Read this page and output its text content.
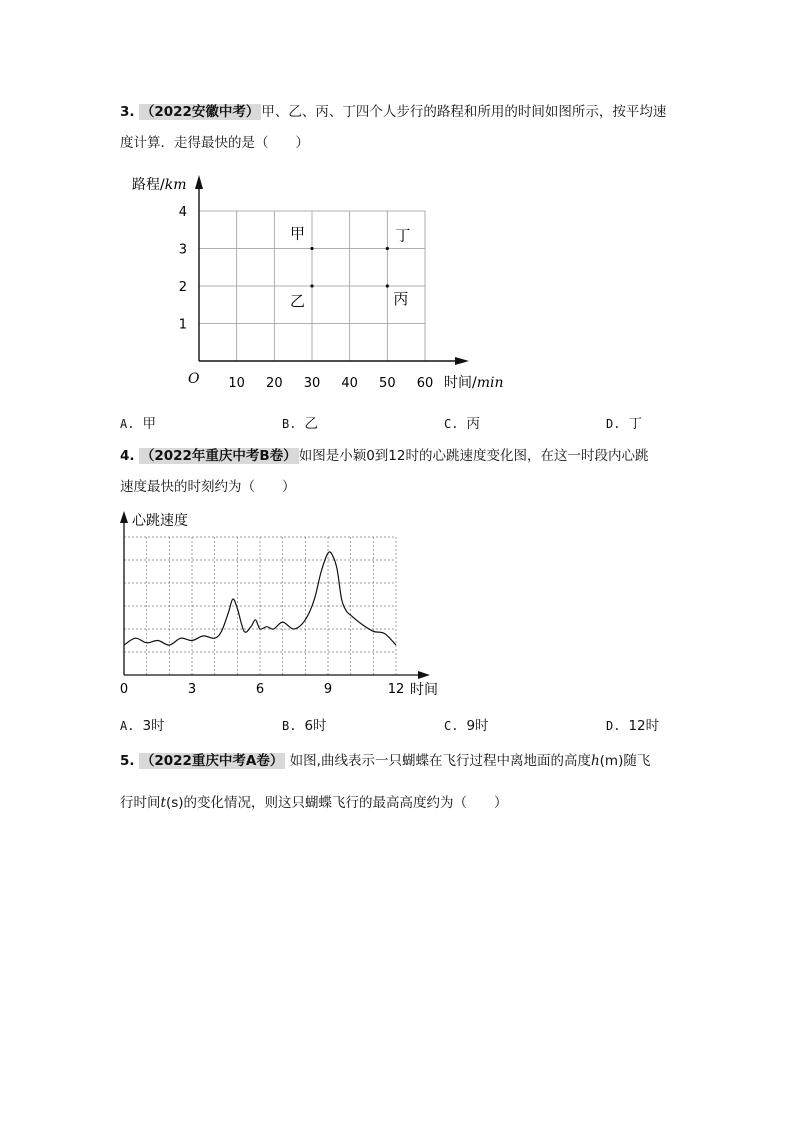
3. （2022安徽中考） 甲、乙、丙、丁四个人步行的路程和所用的时间如图所示，按平均速
度计算．走得最快的是（　　）
10 20 30 40 50 60
1
2
3
4
甲
乙
丁
丙
路程/km
时间/min
O
A. 甲	B. 乙	C. 丙	D. 丁
4. （2022年重庆中考B卷） 如图是小颖0到12时的心跳速度变化图，在这一时段内心跳
速度最快的时刻约为（　　）
0	3	6	9	12
心跳速度
时间
A. 3时	B. 6时	C. 9时	D. 12时
5. （2022重庆中考A卷） 如图,曲线表示一只蝴蝶在飞行过程中离地面的高度h(m)随飞
行时间t(s)的变化情况，则这只蝴蝶飞行的最高高度约为（　　）
